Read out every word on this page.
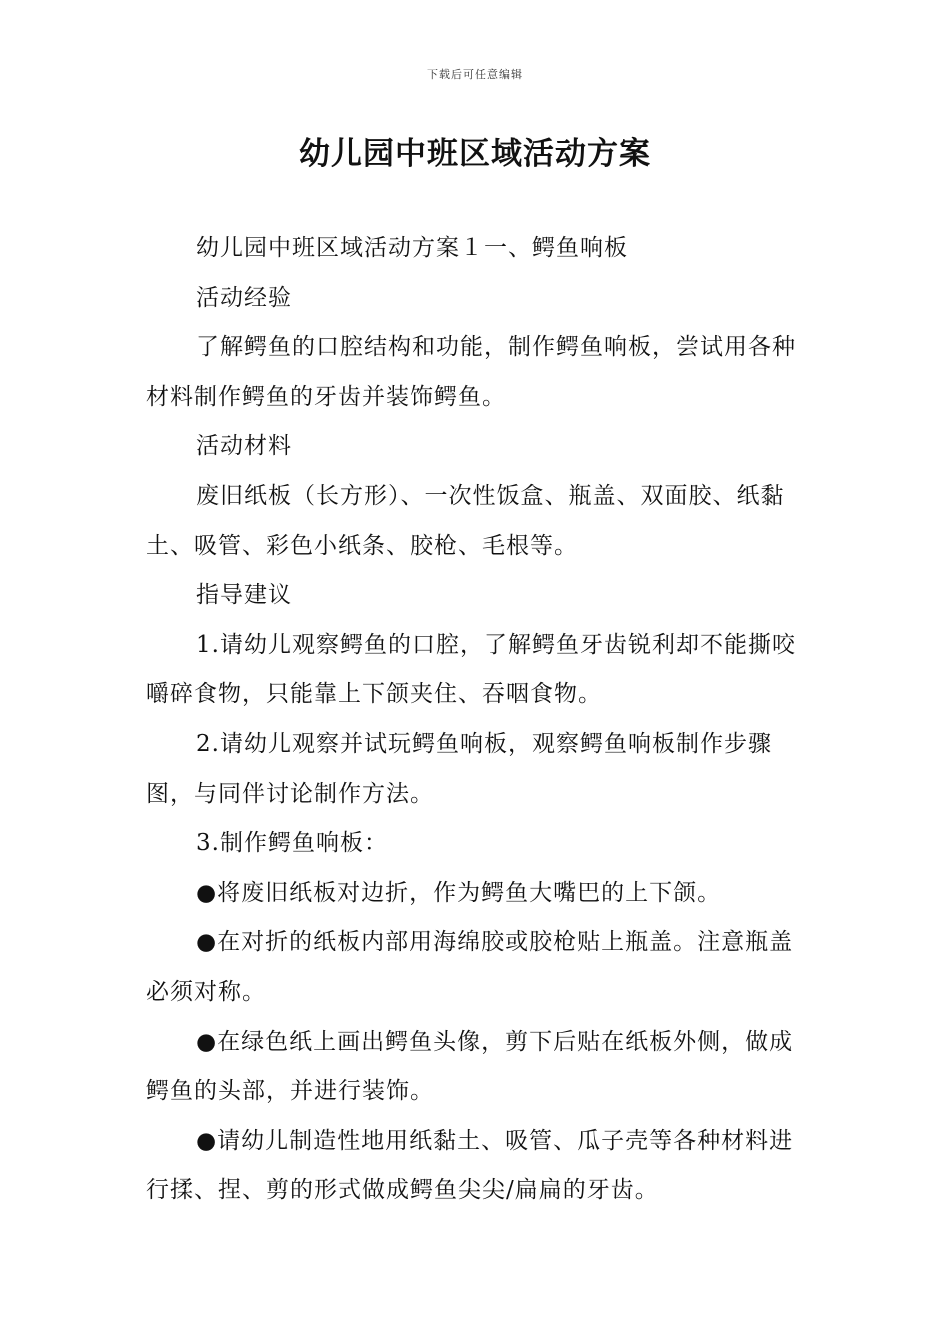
下载后可任意编辑
幼儿园中班区域活动方案

幼儿园中班区域活动方案１一、鳄鱼响板

活动经验

了解鳄鱼的口腔结构和功能，制作鳄鱼响板，尝试用各种材料制作鳄鱼的牙齿并装饰鳄鱼。

活动材料

废旧纸板（长方形）、一次性饭盒、瓶盖、双面胶、纸黏土、吸管、彩色小纸条、胶枪、毛根等。

指导建议

1.请幼儿观察鳄鱼的口腔，了解鳄鱼牙齿锐利却不能撕咬嚼碎食物，只能靠上下颌夹住、吞咽食物。

2.请幼儿观察并试玩鳄鱼响板，观察鳄鱼响板制作步骤图，与同伴讨论制作方法。

3.制作鳄鱼响板：

●将废旧纸板对边折，作为鳄鱼大嘴巴的上下颌。

●在对折的纸板内部用海绵胶或胶枪贴上瓶盖。注意瓶盖必须对称。

●在绿色纸上画出鳄鱼头像，剪下后贴在纸板外侧，做成鳄鱼的头部，并进行装饰。

●请幼儿制造性地用纸黏土、吸管、瓜子壳等各种材料进行揉、捏、剪的形式做成鳄鱼尖尖/扁扁的牙齿。
